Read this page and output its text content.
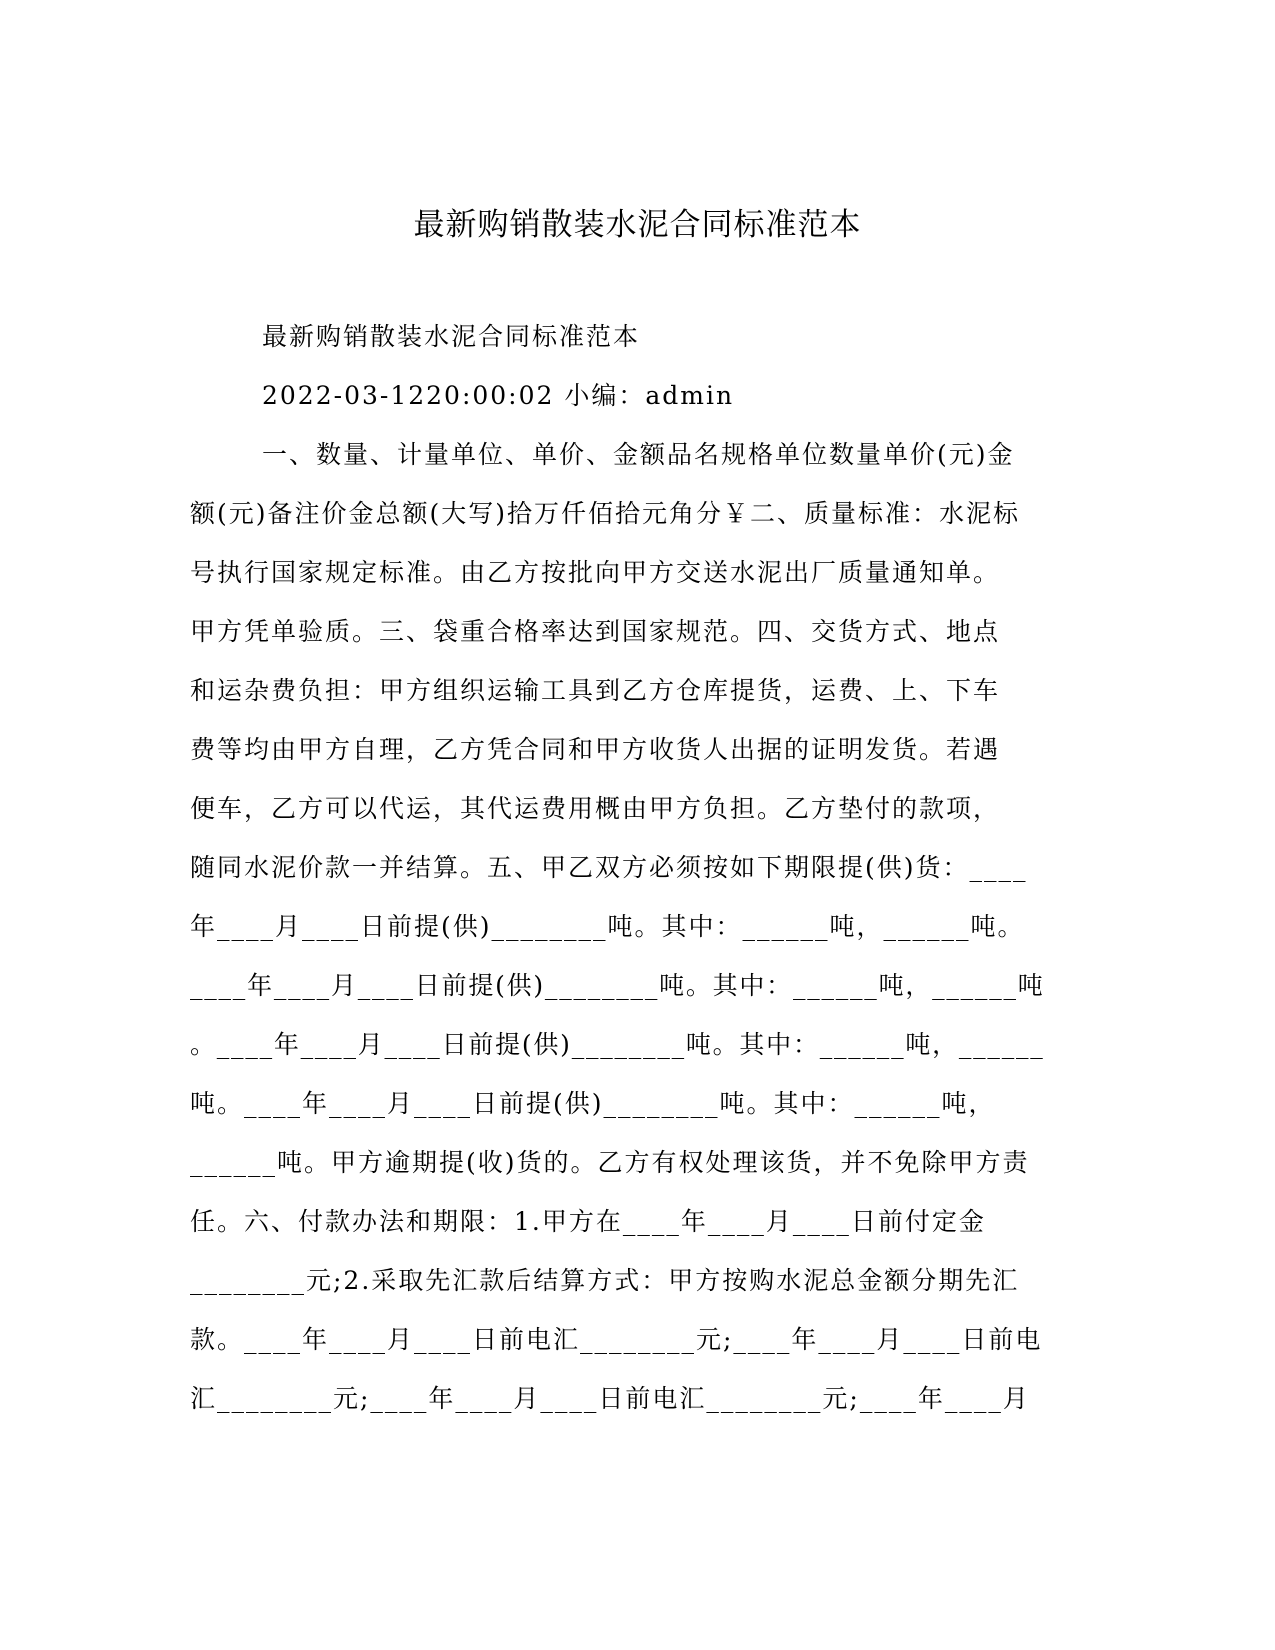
最新购销散装水泥合同标准范本
最新购销散装水泥合同标准范本
2022-03-1220:00:02 小编：admin
一、数量、计量单位、单价、金额品名规格单位数量单价(元)金
额(元)备注价金总额(大写)拾万仟佰拾元角分￥二、质量标准：水泥标
号执行国家规定标准。由乙方按批向甲方交送水泥出厂质量通知单。
甲方凭单验质。三、袋重合格率达到国家规范。四、交货方式、地点
和运杂费负担：甲方组织运输工具到乙方仓库提货，运费、上、下车
费等均由甲方自理，乙方凭合同和甲方收货人出据的证明发货。若遇
便车，乙方可以代运，其代运费用概由甲方负担。乙方垫付的款项，
随同水泥价款一并结算。五、甲乙双方必须按如下期限提(供)货：____
年____月____日前提(供)________吨。其中：______吨，______吨。
____年____月____日前提(供)________吨。其中：______吨，______吨
。____年____月____日前提(供)________吨。其中：______吨，______
吨。____年____月____日前提(供)________吨。其中：______吨，
______吨。甲方逾期提(收)货的。乙方有权处理该货，并不免除甲方责
任。六、付款办法和期限：1.甲方在____年____月____日前付定金
________元;2.采取先汇款后结算方式：甲方按购水泥总金额分期先汇
款。____年____月____日前电汇________元;____年____月____日前电
汇________元;____年____月____日前电汇________元;____年____月
